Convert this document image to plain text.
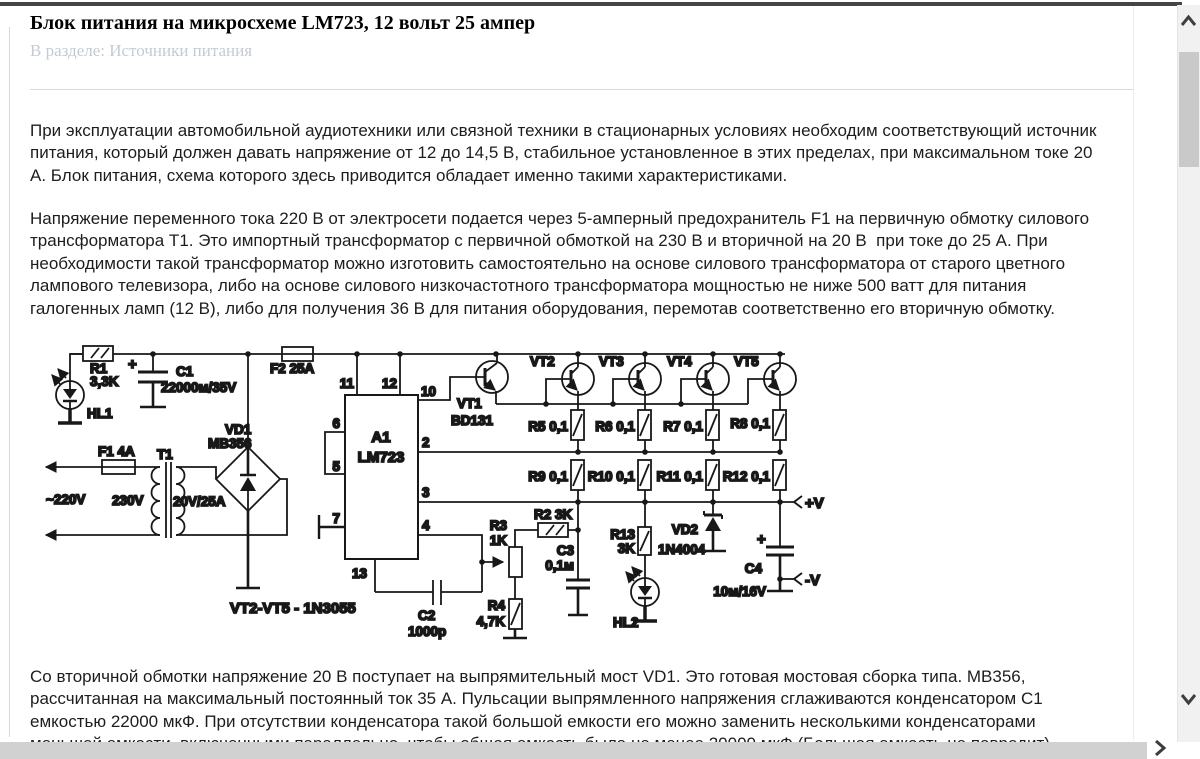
Блок питания на микросхеме LM723, 12 вольт 25 ампер
В разделе: Источники питания
При эксплуатации автомобильной аудиотехники или связной техники в стационарных условиях необходим соответствующий источник
питания, который должен давать напряжение от 12 до 14,5 В, стабильное установленное в этих пределах, при максимальном токе 20
А. Блок питания, схема которого здесь приводится обладает именно такими характеристиками.
Напряжение переменного тока 220 В от электросети подается через 5-амперный предохранитель F1 на первичную обмотку силового
трансформатора Т1. Это импортный трансформатор с первичной обмоткой на 230 В и вторичной на 20 В  при токе до 25 А. При
необходимости такой трансформатор можно изготовить самостоятельно на основе силового трансформатора от старого цветного
лампового телевизора, либо на основе силового низкочастотного трансформатора мощностью не ниже 500 ватт для питания
галогенных ламп (12 В), либо для получения 36 В для питания оборудования, перемотав соответственно его вторичную обмотку.
Со вторичной обмотки напряжение 20 В поступает на выпрямительный мост VD1. Это готовая мостовая сборка типа. МВ356,
рассчитанная на максимальный постоянный ток 35 А. Пульсации выпрямленного напряжения сглаживаются конденсатором С1
емкостью 22000 мкФ. При отсутствии конденсатора такой большой емкости его можно заменить несколькими конденсаторами
R1
3,3K
HL1
+	C1
22000м/35V
F2 25A
F1 4A
~220V
T1
230V 20V/25A
VD1
MB356	A1
LM723
11 12
6
5
7
10
2
3
4
13
VT1
BD131
VT2	VT3	VT4	VT5
R5 0,1 R6 0,1 R7 0,1 R8 0,1
R9 0,1 R10 0,1 R11 0,1 R12 0,1
+V
R2 3K
R3
1K
R4
4,7K
C2
1000p
C3
0,1м
R13
3K
HL2
VD2
1N4004
+
C4
10м/16V
-V
VT2-VT5 - 1N3055
